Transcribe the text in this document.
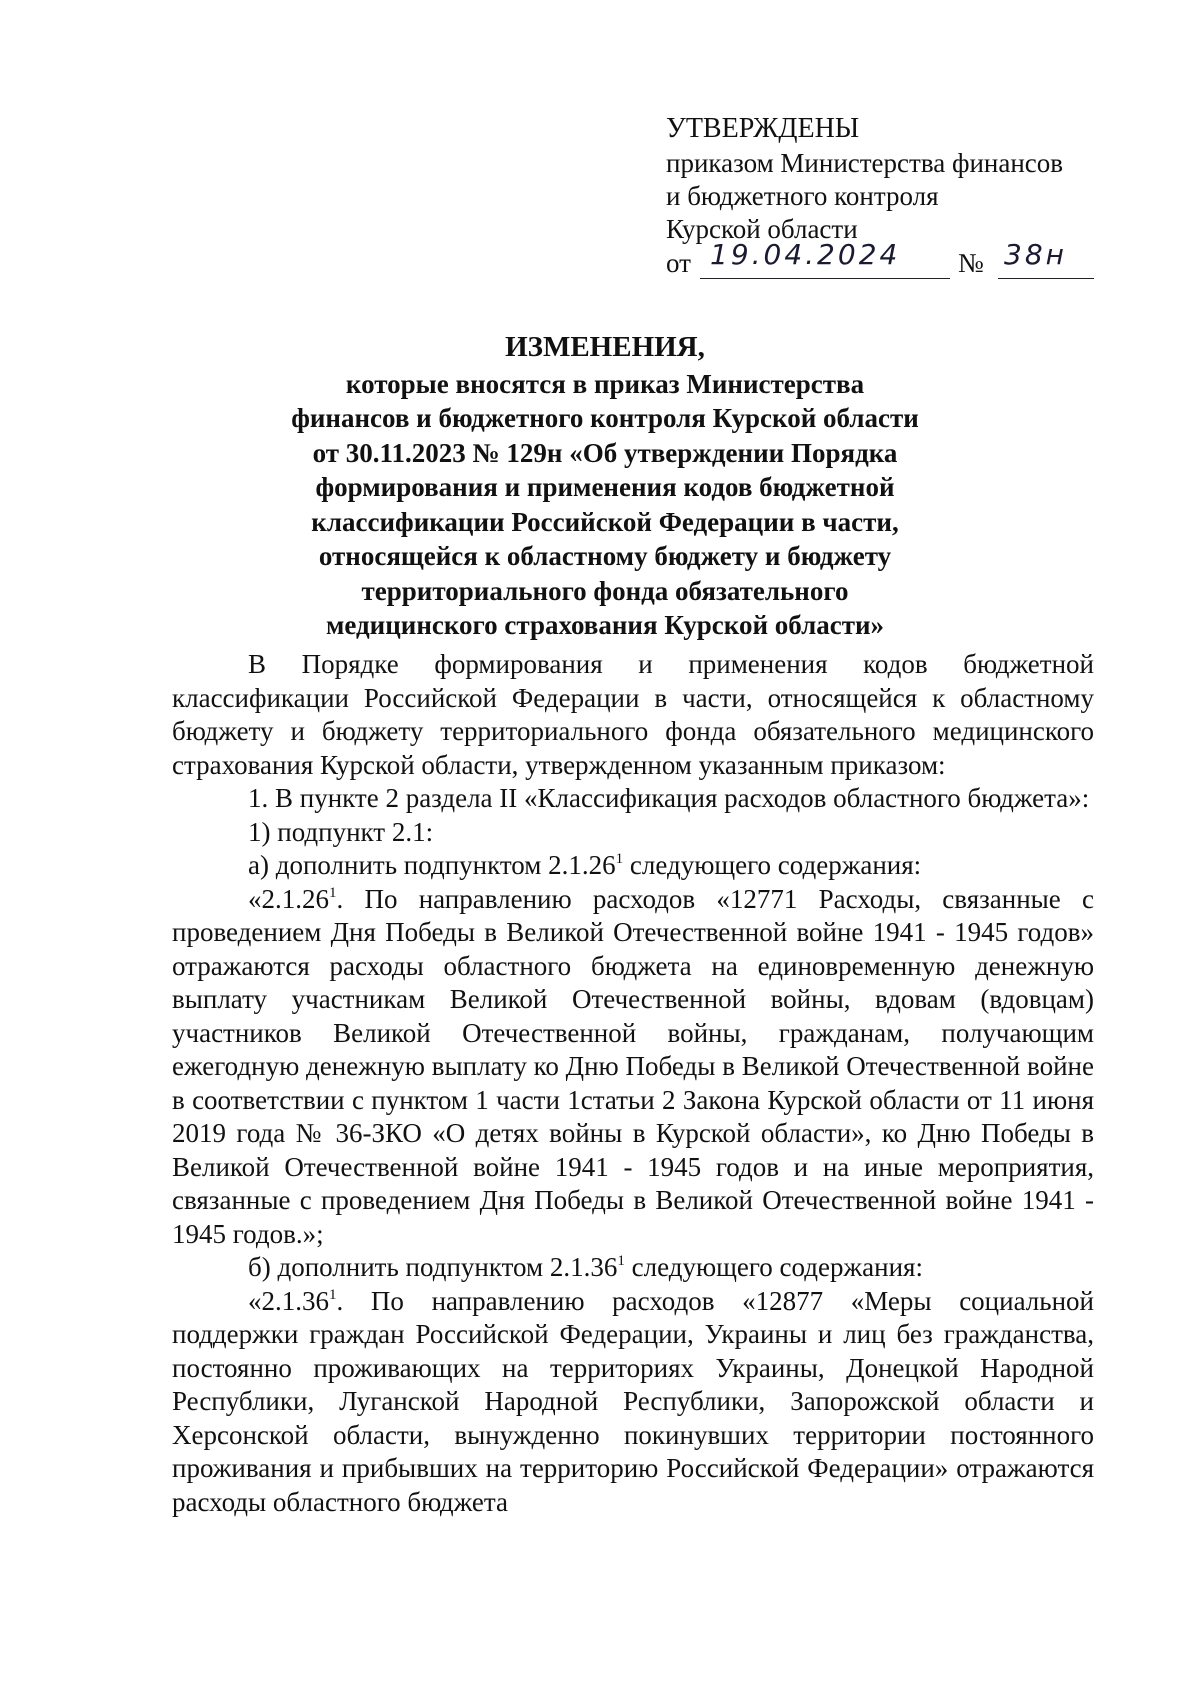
УТВЕРЖДЕНЫ
приказом Министерства финансов
и бюджетного контроля
Курской области
от 19.04.2024 № 38н
ИЗМЕНЕНИЯ,
которые вносятся в приказ Министерства
финансов и бюджетного контроля Курской области
от 30.11.2023 № 129н «Об утверждении Порядка
формирования и применения кодов бюджетной
классификации Российской Федерации в части,
относящейся к областному бюджету и бюджету
территориального фонда обязательного
медицинского страхования Курской области»

В Порядке формирования и применения кодов бюджетной классификации Российской Федерации в части, относящейся к областному бюджету и бюджету территориального фонда обязательного медицинского страхования Курской области, утвержденном указанным приказом:

1. В пункте 2 раздела II «Классификация расходов областного бюджета»:

1) подпункт 2.1:

а) дополнить подпунктом 2.1.26$^1$ следующего содержания:

«2.1.26$^1$. По направлению расходов «12771 Расходы, связанные с проведением Дня Победы в Великой Отечественной войне 1941 - 1945 годов» отражаются расходы областного бюджета на единовременную денежную выплату участникам Великой Отечественной войны, вдовам (вдовцам) участников Великой Отечественной войны, гражданам, получающим ежегодную денежную выплату ко Дню Победы в Великой Отечественной войне в соответствии с пунктом 1 части 1статьи 2 Закона Курской области от 11 июня 2019 года № 36-ЗКО «О детях войны в Курской области», ко Дню Победы в Великой Отечественной войне 1941 - 1945 годов и на иные мероприятия, связанные с проведением Дня Победы в Великой Отечественной войне 1941 - 1945 годов.»;

б) дополнить подпунктом 2.1.36$^1$ следующего содержания:

«2.1.36$^1$. По направлению расходов «12877 «Меры социальной поддержки граждан Российской Федерации, Украины и лиц без гражданства, постоянно проживающих на территориях Украины, Донецкой Народной Республики, Луганской Народной Республики, Запорожской области и Херсонской области, вынужденно покинувших территории постоянного проживания и прибывших на территорию Российской Федерации» отражаются расходы областного бюджета
